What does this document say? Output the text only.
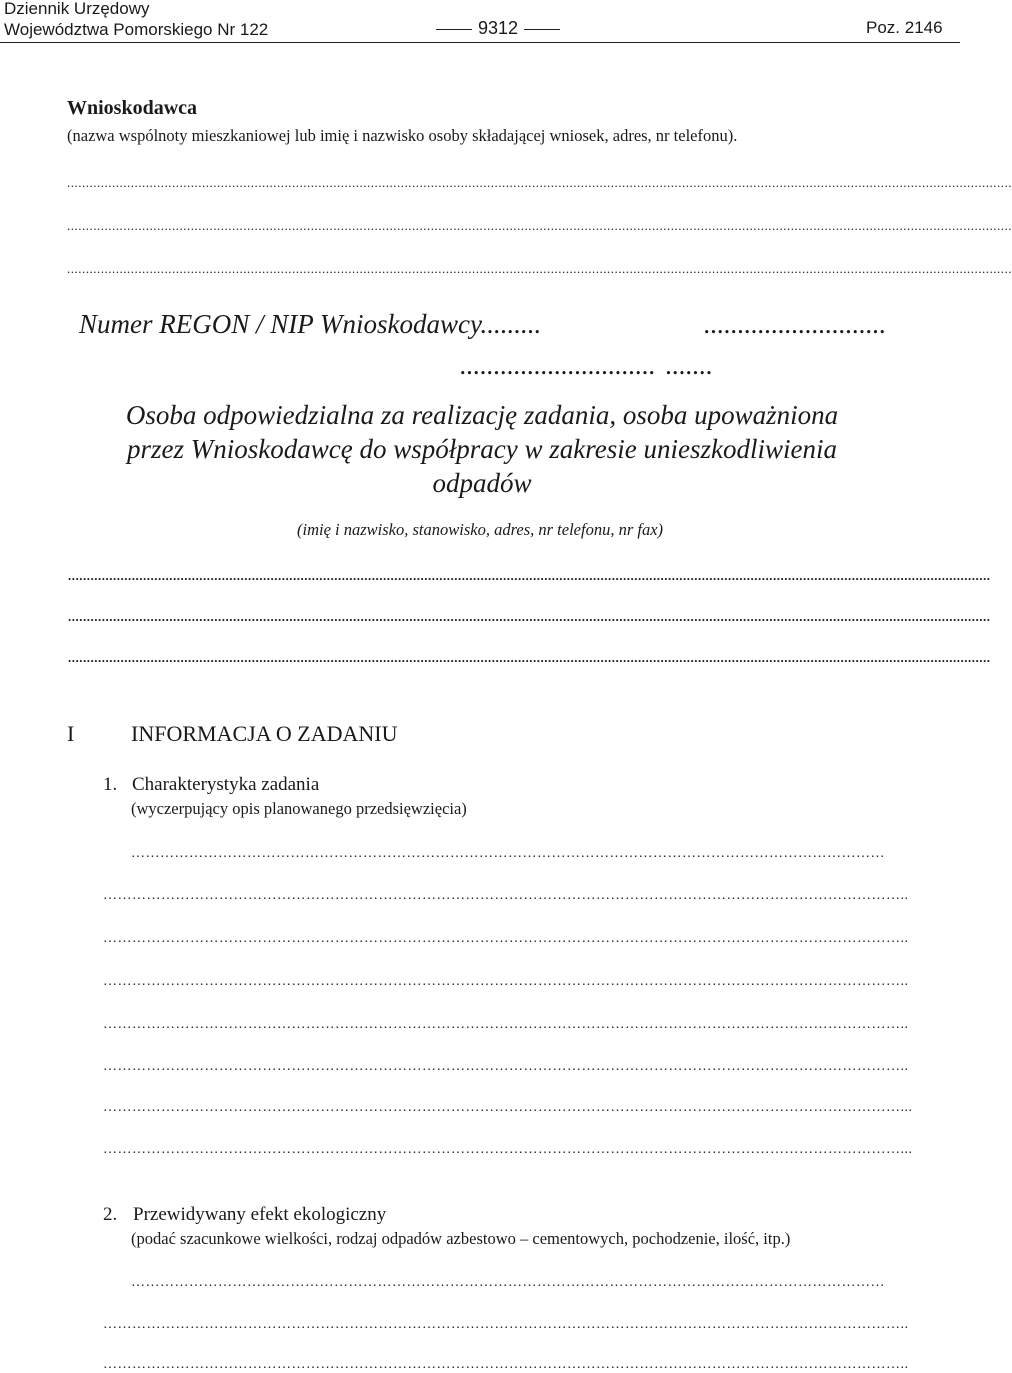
Dziennik Urzędowy
Województwa Pomorskiego Nr 122	9312	Poz. 2146
Wnioskodawca
(nazwa wspólnoty mieszkaniowej lub imię i nazwisko osoby składającej wniosek, adres, nr telefonu).
............................................................................................................................................................................................................................................................
............................................................................................................................................................................................................................................................
............................................................................................................................................................................................................................................................
Numer REGON / NIP Wnioskodawcy.........	...........................
............................. .......
Osoba odpowiedzialna za realizację zadania, osoba upoważniona
przez Wnioskodawcę do współpracy w zakresie unieszkodliwienia
odpadów
(imię i nazwisko, stanowisko, adres, nr telefonu, nr fax)
......................................................................................................................................................................................................................................................
......................................................................................................................................................................................................................................................
......................................................................................................................................................................................................................................................
I	INFORMACJA O ZADANIU
1. Charakterystyka zadania
(wyczerpujący opis planowanego przedsięwzięcia)
…………………………………………………………………………………………………………………………………………
…………………………………………………………………………………………………………………………………………………..
…………………………………………………………………………………………………………………………………………………..
…………………………………………………………………………………………………………………………………………………..
…………………………………………………………………………………………………………………………………………………..
…………………………………………………………………………………………………………………………………………………..
…………………………………………………………………………………………………………………………………………………...
…………………………………………………………………………………………………………………………………………………...
2. Przewidywany efekt ekologiczny
(podać szacunkowe wielkości, rodzaj odpadów azbestowo – cementowych, pochodzenie, ilość, itp.)
…………………………………………………………………………………………………………………………………………
…………………………………………………………………………………………………………………………………………………..
…………………………………………………………………………………………………………………………………………………..
